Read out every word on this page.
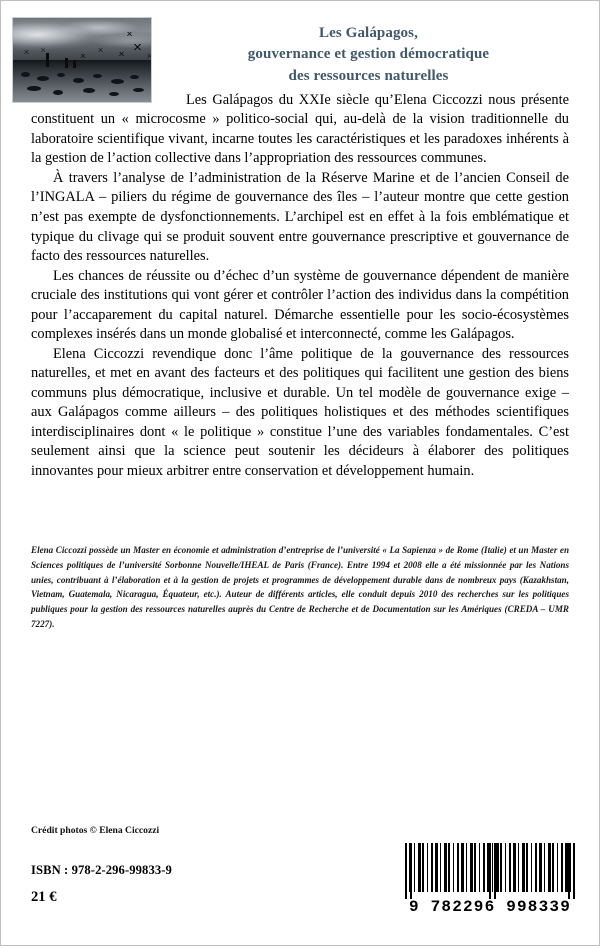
Les Galápagos,
gouvernance et gestion démocratique
des ressources naturelles

Les Galápagos du XXIe siècle qu’Elena Ciccozzi nous présente constituent un « microcosme » politico-social qui, au-delà de la vision traditionnelle du laboratoire scientifique vivant, incarne toutes les caractéristiques et les paradoxes inhérents à la gestion de l’action collective dans l’appropriation des ressources communes.

À travers l’analyse de l’administration de la Réserve Marine et de l’ancien Conseil de l’INGALA – piliers du régime de gouvernance des îles – l’auteur montre que cette gestion n’est pas exempte de dysfonctionnements. L’archipel est en effet à la fois emblématique et typique du clivage qui se produit souvent entre gouvernance prescriptive et gouvernance de facto des ressources naturelles.

Les chances de réussite ou d’échec d’un système de gouvernance dépendent de manière cruciale des institutions qui vont gérer et contrôler l’action des individus dans la compétition pour l’accaparement du capital naturel. Démarche essentielle pour les socio-écosystèmes complexes insérés dans un monde globalisé et interconnecté, comme les Galápagos.

Elena Ciccozzi revendique donc l’âme politique de la gouvernance des ressources naturelles, et met en avant des facteurs et des politiques qui facilitent une gestion des biens communs plus démocratique, inclusive et durable. Un tel modèle de gouvernance exige – aux Galápagos comme ailleurs – des politiques holistiques et des méthodes scientifiques interdisciplinaires dont « le politique » constitue l’une des variables fondamentales. C’est seulement ainsi que la science peut soutenir les décideurs à élaborer des politiques innovantes pour mieux arbitrer entre conservation et développement humain.

Elena Ciccozzi possède un Master en économie et administration d’entreprise de l’université « La Sapienza » de Rome (Italie) et un Master en Sciences politiques de l’université Sorbonne Nouvelle/IHEAL de Paris (France). Entre 1994 et 2008 elle a été missionnée par les Nations unies, contribuant à l’élaboration et à la gestion de projets et programmes de développement durable dans de nombreux pays (Kazakhstan, Vietnam, Guatemala, Nicaragua, Équateur, etc.). Auteur de différents articles, elle conduit depuis 2010 des recherches sur les politiques publiques pour la gestion des ressources naturelles auprès du Centre de Recherche et de Documentation sur les Amériques (CREDA – UMR 7227).

Crédit photos © Elena Ciccozzi
ISBN : 978-2-296-99833-9
21 €
9 782296 998339
